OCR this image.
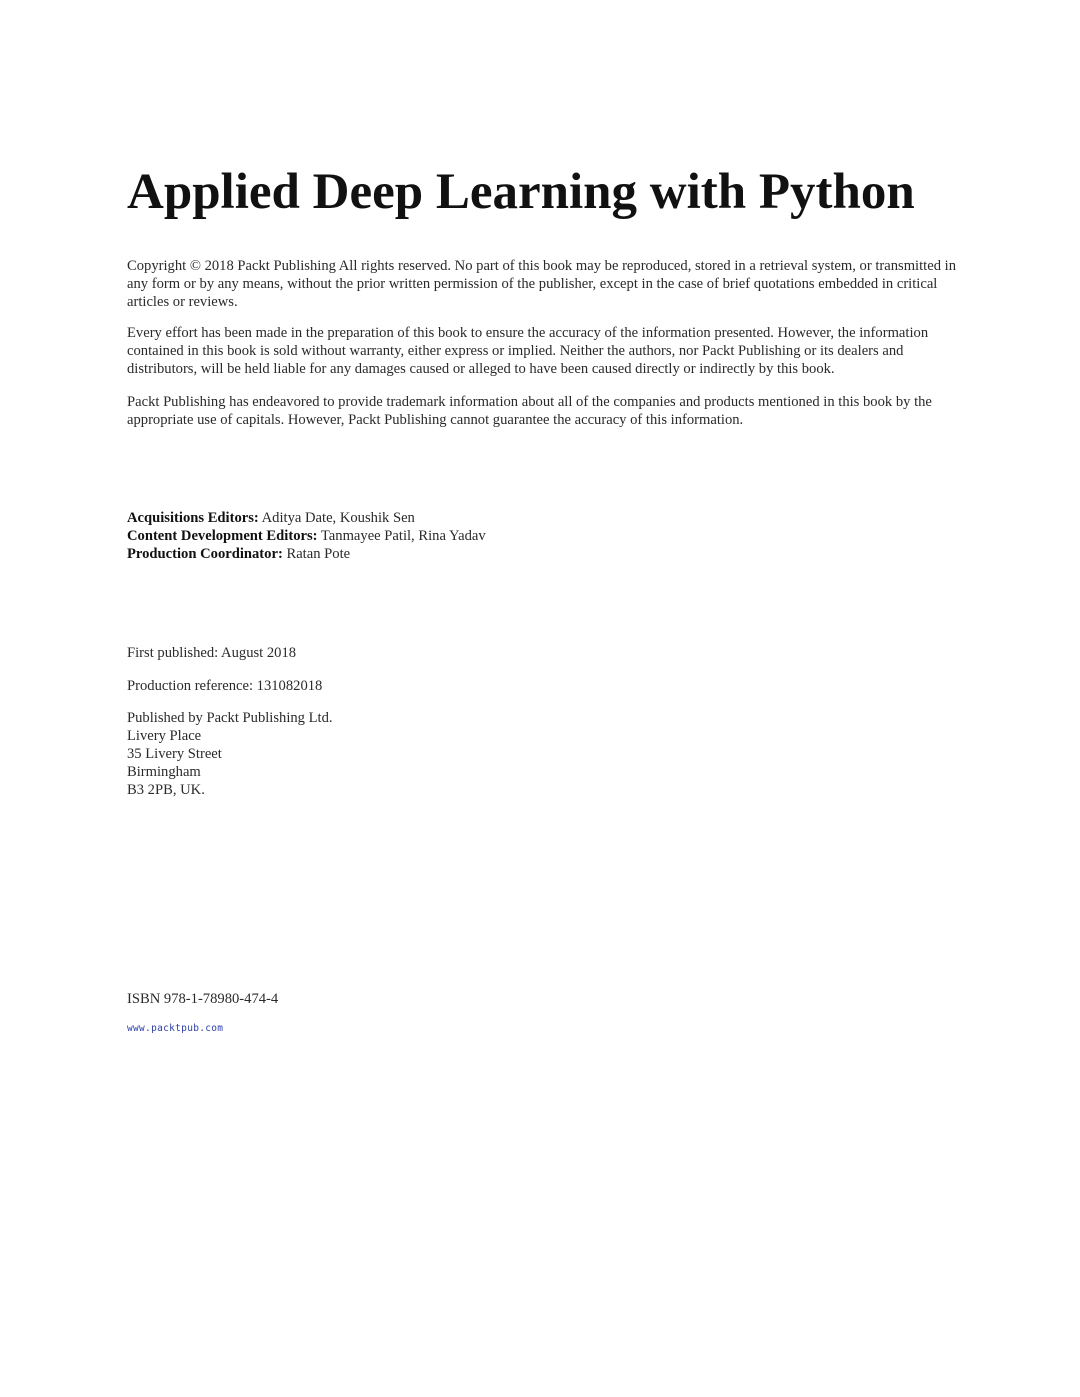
Applied Deep Learning with Python

Copyright © 2018 Packt Publishing All rights reserved. No part of this book may be reproduced, stored in a retrieval system, or transmitted in any form or by any means, without the prior written permission of the publisher, except in the case of brief quotations embedded in critical articles or reviews.

Every effort has been made in the preparation of this book to ensure the accuracy of the information presented. However, the information contained in this book is sold without warranty, either express or implied. Neither the authors, nor Packt Publishing or its dealers and distributors, will be held liable for any damages caused or alleged to have been caused directly or indirectly by this book.

Packt Publishing has endeavored to provide trademark information about all of the companies and products mentioned in this book by the appropriate use of capitals. However, Packt Publishing cannot guarantee the accuracy of this information.

Acquisitions Editors: Aditya Date, Koushik Sen
Content Development Editors: Tanmayee Patil, Rina Yadav
Production Coordinator: Ratan Pote

First published: August 2018

Production reference: 131082018

Published by Packt Publishing Ltd.
Livery Place
35 Livery Street
Birmingham
B3 2PB, UK.

ISBN 978-1-78980-474-4

www.packtpub.com
